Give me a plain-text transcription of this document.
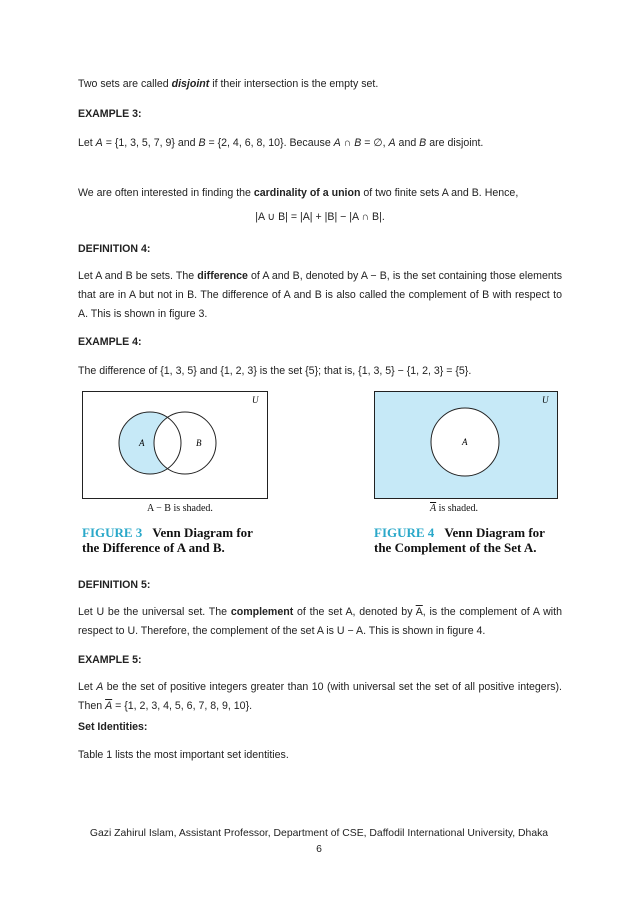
Two sets are called disjoint if their intersection is the empty set.

EXAMPLE 3:

Let A = {1, 3, 5, 7, 9} and B = {2, 4, 6, 8, 10}. Because A ∩ B = ∅, A and B are disjoint.

We are often interested in finding the cardinality of a union of two finite sets A and B. Hence,

|A ∪ B| = |A| + |B| − |A ∩ B|.

DEFINITION 4:

Let A and B be sets. The difference of A and B, denoted by A − B, is the set containing those elements that are in A but not in B. The difference of A and B is also called the complement of B with respect to A. This is shown in figure 3.

EXAMPLE 4:

The difference of {1, 3, 5} and {1, 2, 3} is the set {5}; that is, {1, 3, 5} − {1, 2, 3} = {5}.

U
A	B
A − B is shaded.
FIGURE 3 Venn Diagram for
the Difference of A and B.
U
A
$\overline{A}$ is shaded.
FIGURE 4 Venn Diagram for
the Complement of the Set A.

DEFINITION 5:

Let U be the universal set. The complement of the set A, denoted by $\overline{A}$, is the complement of A with respect to U. Therefore, the complement of the set A is U − A. This is shown in figure 4.

EXAMPLE 5:

Let A be the set of positive integers greater than 10 (with universal set the set of all positive integers). Then $\overline{A} = \{1$, 2, 3, 4, 5, 6, 7, 8, 9, 10}.

Set Identities:

Table 1 lists the most important set identities.

Gazi Zahirul Islam, Assistant Professor, Department of CSE, Daffodil International University, Dhaka
6
